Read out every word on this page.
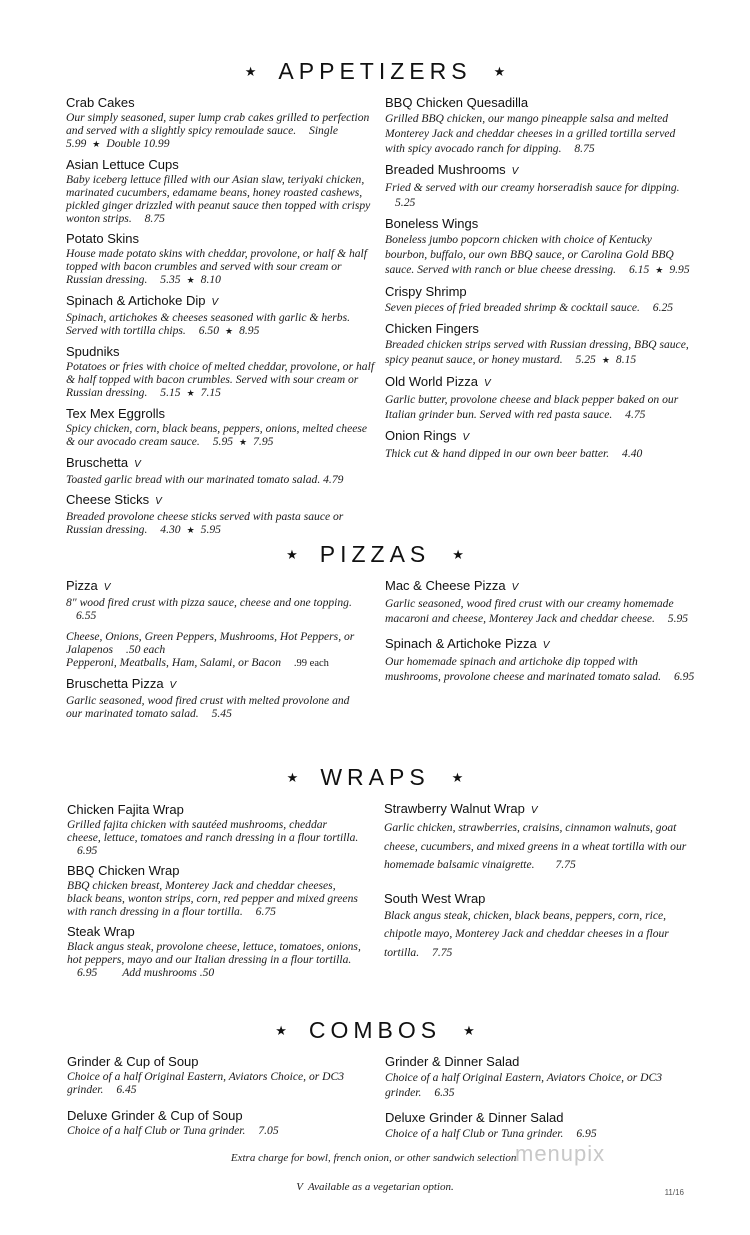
★ APPETIZERS ★
Crab Cakes
Our simply seasoned, super lump crab cakes grilled to perfection and served with a slightly spicy remoulade sauce. Single 5.99 ★ Double 10.99
Asian Lettuce Cups
Baby iceberg lettuce filled with our Asian slaw, teriyaki chicken, marinated cucumbers, edamame beans, honey roasted cashews, pickled ginger drizzled with peanut sauce then topped with crispy wonton strips. 8.75
Potato Skins
House made potato skins with cheddar, provolone, or half & half topped with bacon crumbles and served with sour cream or Russian dressing. 5.35 ★ 8.10
Spinach & Artichoke Dip V
Spinach, artichokes & cheeses seasoned with garlic & herbs. Served with tortilla chips. 6.50 ★ 8.95
Spudniks
Potatoes or fries with choice of melted cheddar, provolone, or half & half topped with bacon crumbles. Served with sour cream or Russian dressing. 5.15 ★ 7.15
Tex Mex Eggrolls
Spicy chicken, corn, black beans, peppers, onions, melted cheese & our avocado cream sauce. 5.95 ★ 7.95
Bruschetta V
Toasted garlic bread with our marinated tomato salad. 4.79
Cheese Sticks V
Breaded provolone cheese sticks served with pasta sauce or Russian dressing. 4.30 ★ 5.95
BBQ Chicken Quesadilla
Grilled BBQ chicken, our mango pineapple salsa and melted Monterey Jack and cheddar cheeses in a grilled tortilla served with spicy avocado ranch for dipping. 8.75
Breaded Mushrooms V
Fried & served with our creamy horseradish sauce for dipping. 5.25
Boneless Wings
Boneless jumbo popcorn chicken with choice of Kentucky bourbon, buffalo, our own BBQ sauce, or Carolina Gold BBQ sauce. Served with ranch or blue cheese dressing. 6.15 ★ 9.95
Crispy Shrimp
Seven pieces of fried breaded shrimp & cocktail sauce. 6.25
Chicken Fingers
Breaded chicken strips served with Russian dressing, BBQ sauce, spicy peanut sauce, or honey mustard. 5.25 ★ 8.15
Old World Pizza V
Garlic butter, provolone cheese and black pepper baked on our Italian grinder bun. Served with red pasta sauce. 4.75
Onion Rings V
Thick cut & hand dipped in our own beer batter. 4.40
★ PIZZAS ★
Pizza V
8" wood fired crust with pizza sauce, cheese and one topping. 6.55
Cheese, Onions, Green Peppers, Mushrooms, Hot Peppers, or Jalapenos .50 each
Pepperoni, Meatballs, Ham, Salami, or Bacon .99 each
Bruschetta Pizza V
Garlic seasoned, wood fired crust with melted provolone and our marinated tomato salad. 5.45
Mac & Cheese Pizza V
Garlic seasoned, wood fired crust with our creamy homemade macaroni and cheese, Monterey Jack and cheddar cheese. 5.95
Spinach & Artichoke Pizza V
Our homemade spinach and artichoke dip topped with mushrooms, provolone cheese and marinated tomato salad. 6.95
★ WRAPS ★
Chicken Fajita Wrap
Grilled fajita chicken with sautéed mushrooms, cheddar cheese, lettuce, tomatoes and ranch dressing in a flour tortilla. 6.95
BBQ Chicken Wrap
BBQ chicken breast, Monterey Jack and cheddar cheeses, black beans, wonton strips, corn, red pepper and mixed greens with ranch dressing in a flour tortilla. 6.75
Steak Wrap
Black angus steak, provolone cheese, lettuce, tomatoes, onions, hot peppers, mayo and our Italian dressing in a flour tortilla. 6.95 Add mushrooms .50
Strawberry Walnut Wrap V
Garlic chicken, strawberries, craisins, cinnamon walnuts, goat cheese, cucumbers, and mixed greens in a wheat tortilla with our homemade balsamic vinaigrette. 7.75
South West Wrap
Black angus steak, chicken, black beans, peppers, corn, rice, chipotle mayo, Monterey Jack and cheddar cheeses in a flour tortilla. 7.75
★ COMBOS ★
Grinder & Cup of Soup
Choice of a half Original Eastern, Aviators Choice, or DC3 grinder. 6.45
Deluxe Grinder & Cup of Soup
Choice of a half Club or Tuna grinder. 7.05
Grinder & Dinner Salad
Choice of a half Original Eastern, Aviators Choice, or DC3 grinder. 6.35
Deluxe Grinder & Dinner Salad
Choice of a half Club or Tuna grinder. 6.95
Extra charge for bowl, french onion, or other sandwich selection.
V Available as a vegetarian option.
menupix
11/16
